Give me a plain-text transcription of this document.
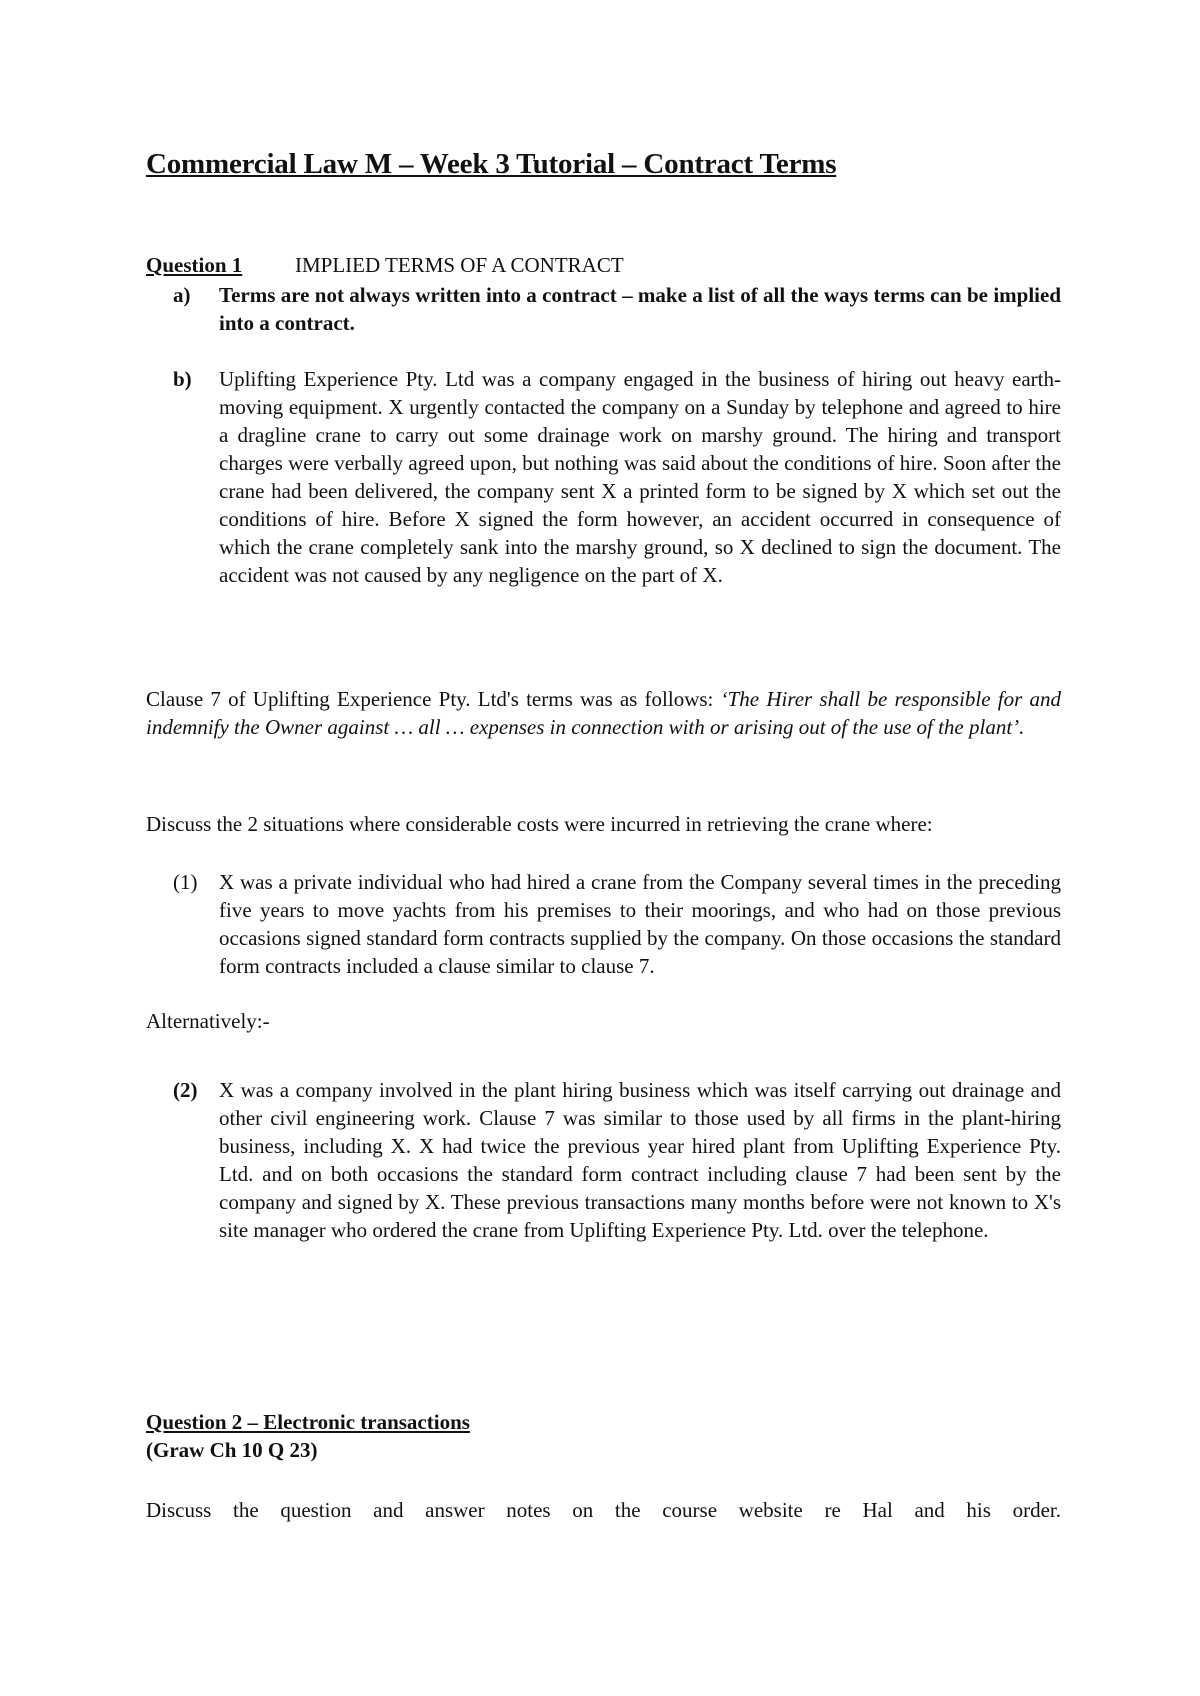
Commercial Law M – Week 3 Tutorial – Contract Terms
Question 1	IMPLIED TERMS OF A CONTRACT
a) Terms are not always written into a contract – make a list of all the ways terms can be implied into a contract.
b) Uplifting Experience Pty. Ltd was a company engaged in the business of hiring out heavy earth-moving equipment. X urgently contacted the company on a Sunday by telephone and agreed to hire a dragline crane to carry out some drainage work on marshy ground. The hiring and transport charges were verbally agreed upon, but nothing was said about the conditions of hire. Soon after the crane had been delivered, the company sent X a printed form to be signed by X which set out the conditions of hire. Before X signed the form however, an accident occurred in consequence of which the crane completely sank into the marshy ground, so X declined to sign the document. The accident was not caused by any negligence on the part of X.
Clause 7 of Uplifting Experience Pty. Ltd's terms was as follows: ‘The Hirer shall be responsible for and indemnify the Owner against … all … expenses in connection with or arising out of the use of the plant’.
Discuss the 2 situations where considerable costs were incurred in retrieving the crane where:
(1) X was a private individual who had hired a crane from the Company several times in the preceding five years to move yachts from his premises to their moorings, and who had on those previous occasions signed standard form contracts supplied by the company. On those occasions the standard form contracts included a clause similar to clause 7.
Alternatively:-
(2) X was a company involved in the plant hiring business which was itself carrying out drainage and other civil engineering work. Clause 7 was similar to those used by all firms in the plant-hiring business, including X. X had twice the previous year hired plant from Uplifting Experience Pty. Ltd. and on both occasions the standard form contract including clause 7 had been sent by the company and signed by X. These previous transactions many months before were not known to X's site manager who ordered the crane from Uplifting Experience Pty. Ltd. over the telephone.
Question 2 – Electronic transactions
(Graw Ch 10 Q 23)
Discuss the question and answer notes on the course website re Hal and his order.
